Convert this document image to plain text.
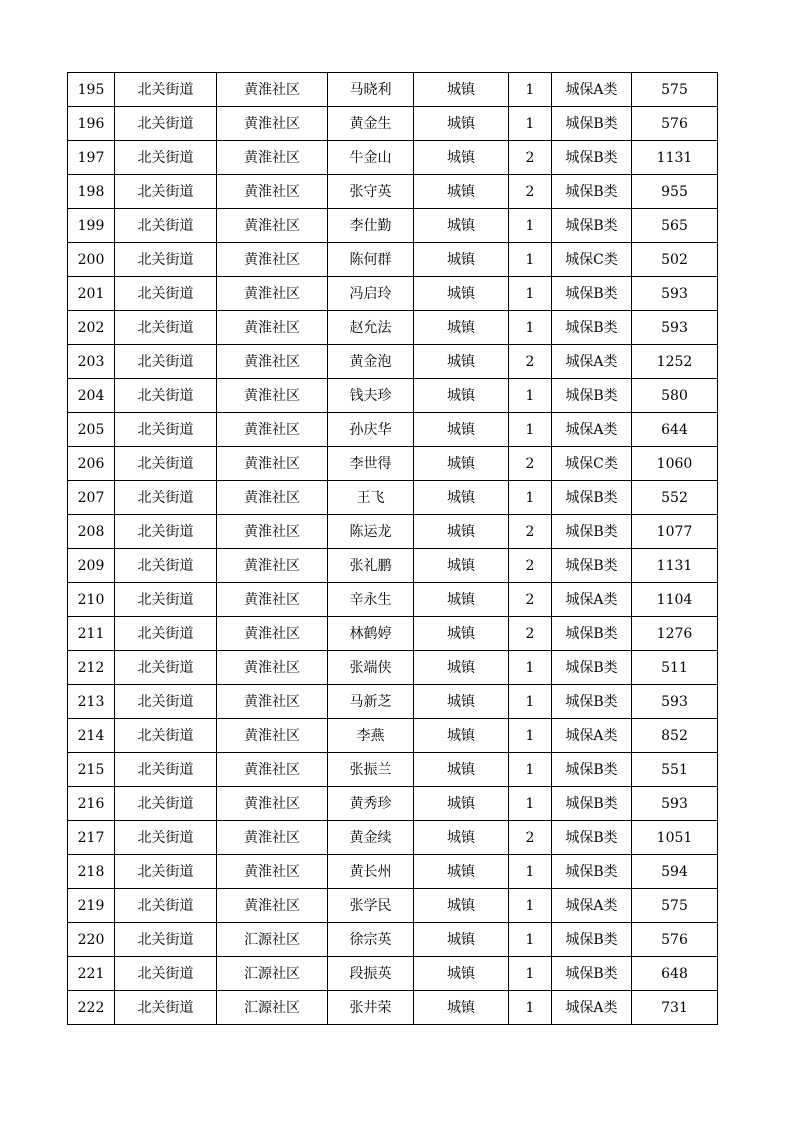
195	北关街道	黄淮社区	马晓利	城镇	1	城保A类	575
196	北关街道	黄淮社区	黄金生	城镇	1	城保B类	576
197	北关街道	黄淮社区	牛金山	城镇	2	城保B类	1131
198	北关街道	黄淮社区	张守英	城镇	2	城保B类	955
199	北关街道	黄淮社区	李仕勤	城镇	1	城保B类	565
200	北关街道	黄淮社区	陈何群	城镇	1	城保C类	502
201	北关街道	黄淮社区	冯启玲	城镇	1	城保B类	593
202	北关街道	黄淮社区	赵允法	城镇	1	城保B类	593
203	北关街道	黄淮社区	黄金泡	城镇	2	城保A类	1252
204	北关街道	黄淮社区	钱夫珍	城镇	1	城保B类	580
205	北关街道	黄淮社区	孙庆华	城镇	1	城保A类	644
206	北关街道	黄淮社区	李世得	城镇	2	城保C类	1060
207	北关街道	黄淮社区	王飞	城镇	1	城保B类	552
208	北关街道	黄淮社区	陈运龙	城镇	2	城保B类	1077
209	北关街道	黄淮社区	张礼鹏	城镇	2	城保B类	1131
210	北关街道	黄淮社区	辛永生	城镇	2	城保A类	1104
211	北关街道	黄淮社区	林鹤婷	城镇	2	城保B类	1276
212	北关街道	黄淮社区	张端侠	城镇	1	城保B类	511
213	北关街道	黄淮社区	马新芝	城镇	1	城保B类	593
214	北关街道	黄淮社区	李燕	城镇	1	城保A类	852
215	北关街道	黄淮社区	张振兰	城镇	1	城保B类	551
216	北关街道	黄淮社区	黄秀珍	城镇	1	城保B类	593
217	北关街道	黄淮社区	黄金续	城镇	2	城保B类	1051
218	北关街道	黄淮社区	黄长州	城镇	1	城保B类	594
219	北关街道	黄淮社区	张学民	城镇	1	城保A类	575
220	北关街道	汇源社区	徐宗英	城镇	1	城保B类	576
221	北关街道	汇源社区	段振英	城镇	1	城保B类	648
222	北关街道	汇源社区	张井荣	城镇	1	城保A类	731
